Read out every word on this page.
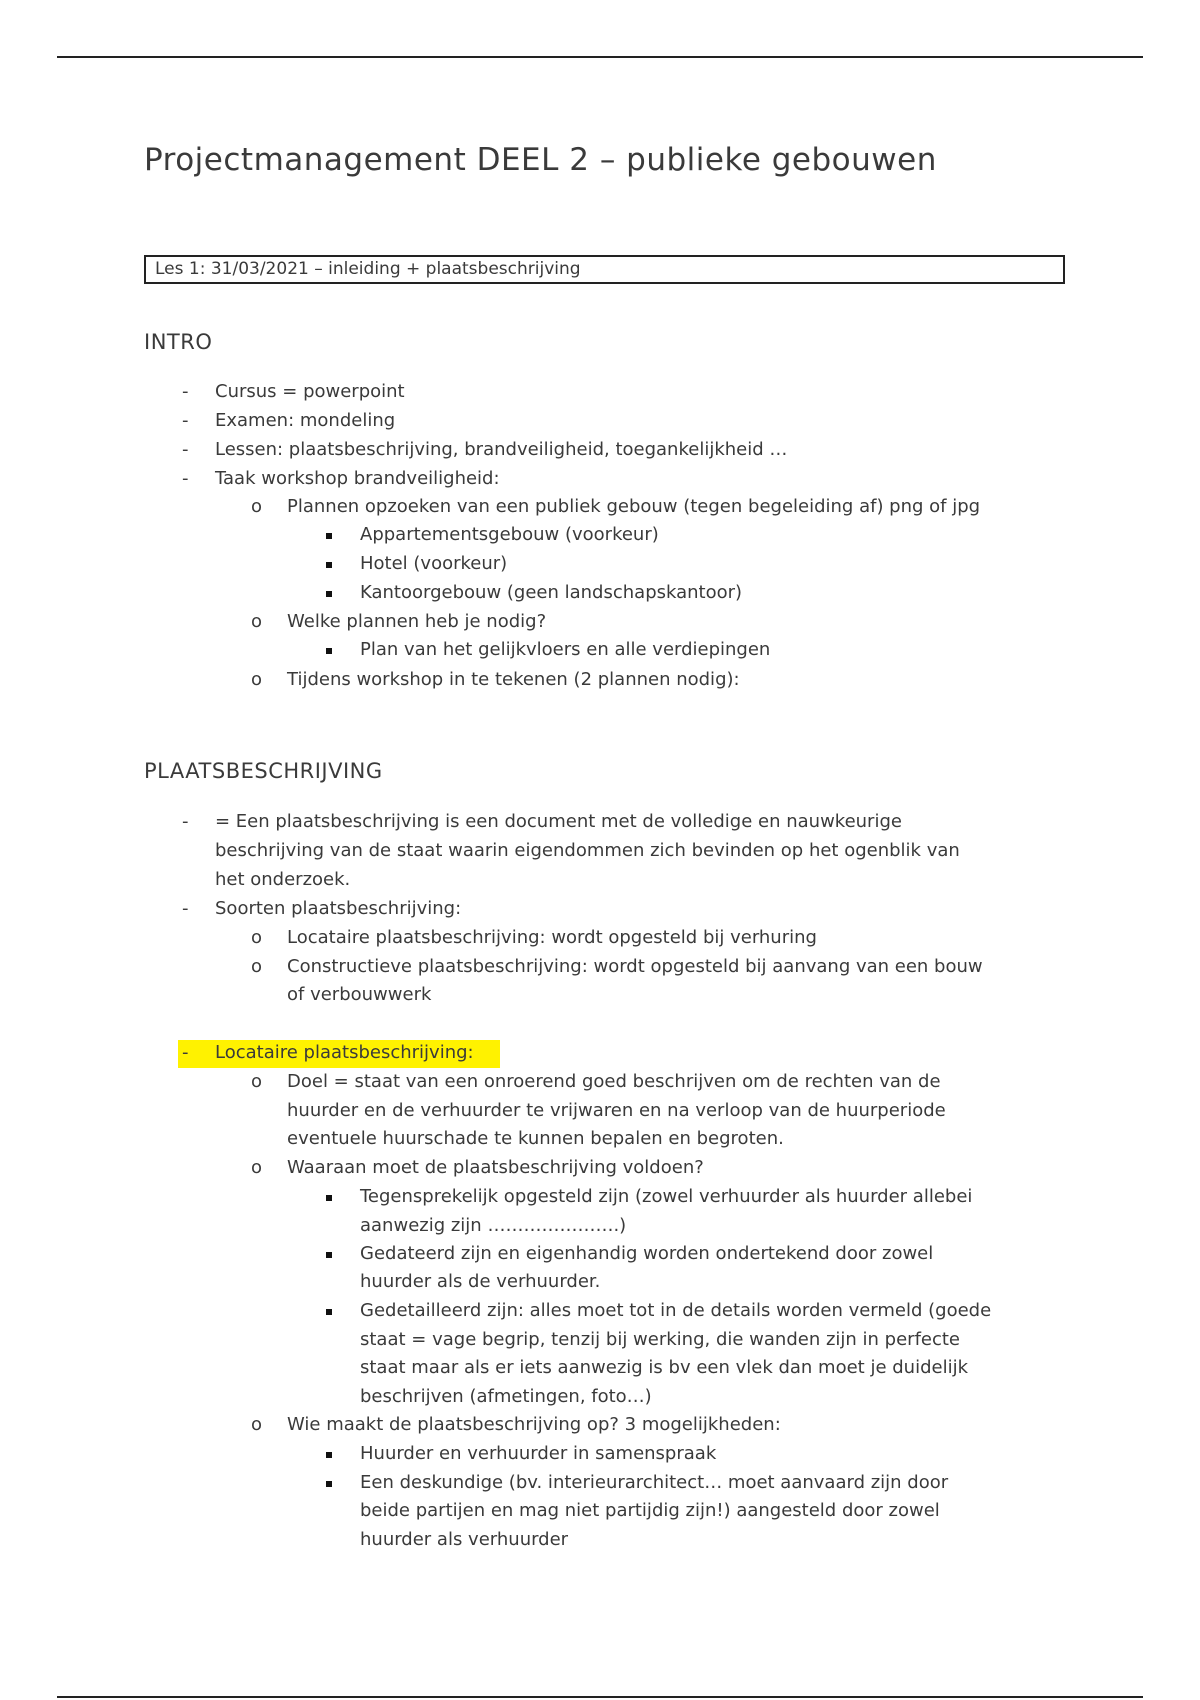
Projectmanagement DEEL 2 – publieke gebouwen
Les 1: 31/03/2021 – inleiding + plaatsbeschrijving
INTRO
- Cursus = powerpoint
- Examen: mondeling
- Lessen: plaatsbeschrijving, brandveiligheid, toegankelijkheid …
- Taak workshop brandveiligheid:
o Plannen opzoeken van een publiek gebouw (tegen begeleiding af) png of jpg
Appartementsgebouw (voorkeur)
Hotel (voorkeur)
Kantoorgebouw (geen landschapskantoor)
o Welke plannen heb je nodig?
Plan van het gelijkvloers en alle verdiepingen
o Tijdens workshop in te tekenen (2 plannen nodig):
PLAATSBESCHRIJVING
- = Een plaatsbeschrijving is een document met de volledige en nauwkeurige
beschrijving van de staat waarin eigendommen zich bevinden op het ogenblik van
het onderzoek.
- Soorten plaatsbeschrijving:
o Locataire plaatsbeschrijving: wordt opgesteld bij verhuring
o Constructieve plaatsbeschrijving: wordt opgesteld bij aanvang van een bouw
of verbouwwerk
- Locataire plaatsbeschrijving:
o Doel = staat van een onroerend goed beschrijven om de rechten van de
huurder en de verhuurder te vrijwaren en na verloop van de huurperiode
eventuele huurschade te kunnen bepalen en begroten.
o Waaraan moet de plaatsbeschrijving voldoen?
Tegensprekelijk opgesteld zijn (zowel verhuurder als huurder allebei
aanwezig zijn ………………….)
Gedateerd zijn en eigenhandig worden ondertekend door zowel
huurder als de verhuurder.
Gedetailleerd zijn: alles moet tot in de details worden vermeld (goede
staat = vage begrip, tenzij bij werking, die wanden zijn in perfecte
staat maar als er iets aanwezig is bv een vlek dan moet je duidelijk
beschrijven (afmetingen, foto…)
o Wie maakt de plaatsbeschrijving op? 3 mogelijkheden:
Huurder en verhuurder in samenspraak
Een deskundige (bv. interieurarchitect… moet aanvaard zijn door
beide partijen en mag niet partijdig zijn!) aangesteld door zowel
huurder als verhuurder
